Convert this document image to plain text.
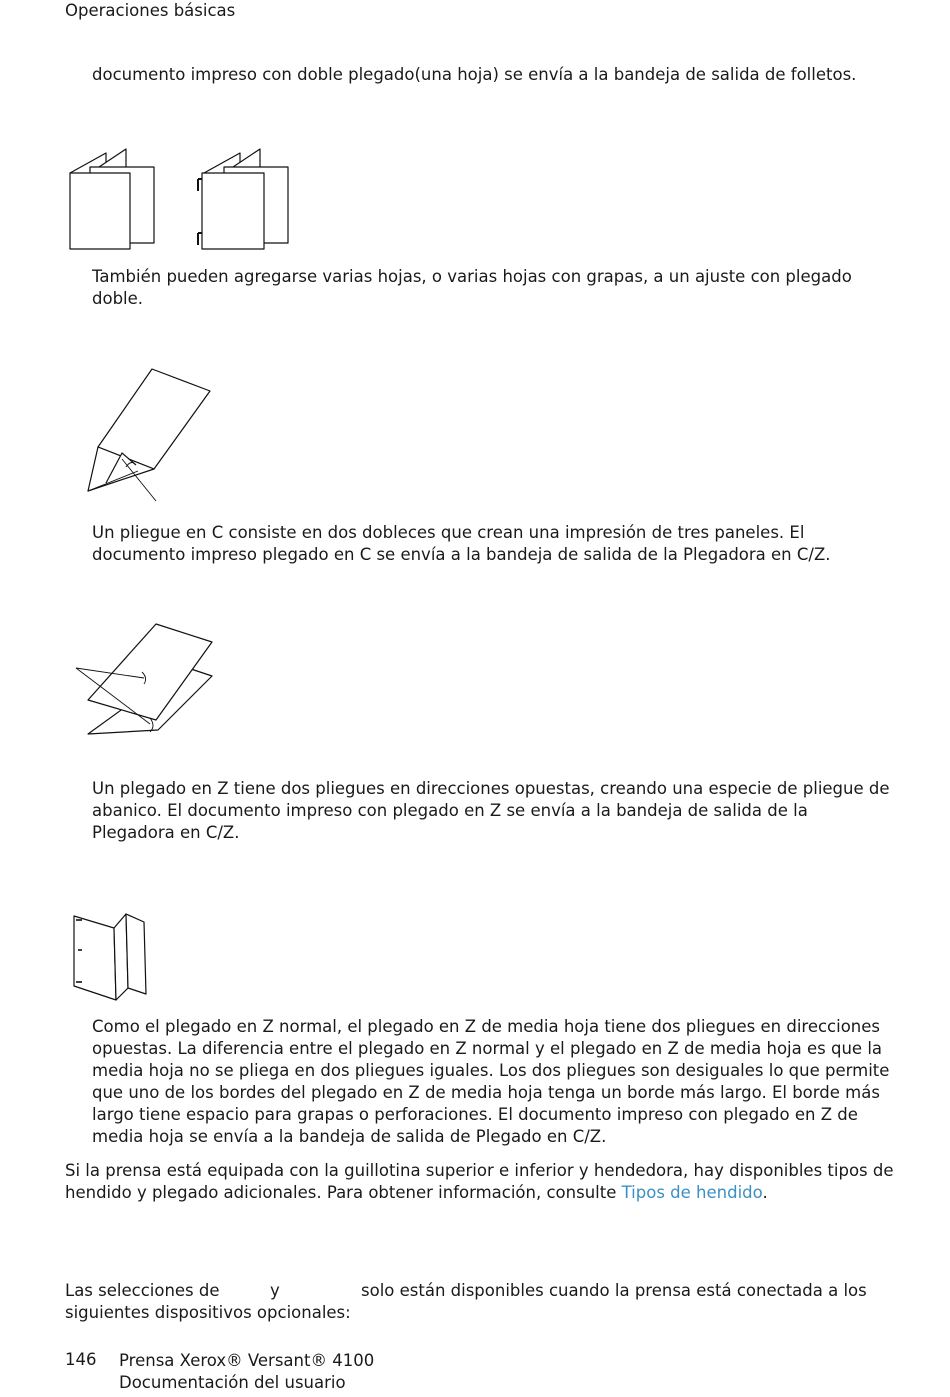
Operaciones básicas
documento impreso con doble plegado(una hoja) se envía a la bandeja de salida de folletos.
También pueden agregarse varias hojas, o varias hojas con grapas, a un ajuste con plegado doble.
Un pliegue en C consiste en dos dobleces que crean una impresión de tres paneles. El documento impreso plegado en C se envía a la bandeja de salida de la Plegadora en C/Z.
Un plegado en Z tiene dos pliegues en direcciones opuestas, creando una especie de pliegue de abanico. El documento impreso con plegado en Z se envía a la bandeja de salida de la Plegadora en C/Z.
Como el plegado en Z normal, el plegado en Z de media hoja tiene dos pliegues en direcciones opuestas. La diferencia entre el plegado en Z normal y el plegado en Z de media hoja es que la media hoja no se pliega en dos pliegues iguales. Los dos pliegues son desiguales lo que permite que uno de los bordes del plegado en Z de media hoja tenga un borde más largo. El borde más largo tiene espacio para grapas o perforaciones. El documento impreso con plegado en Z de media hoja se envía a la bandeja de salida de Plegado en C/Z.
Si la prensa está equipada con la guillotina superior e inferior y hendedora, hay disponibles tipos de hendido y plegado adicionales. Para obtener información, consulte Tipos de hendido.
Las selecciones de	y	solo están disponibles cuando la prensa está conectada a los
siguientes dispositivos opcionales:
146 Prensa Xerox® Versant® 4100
Documentación del usuario
